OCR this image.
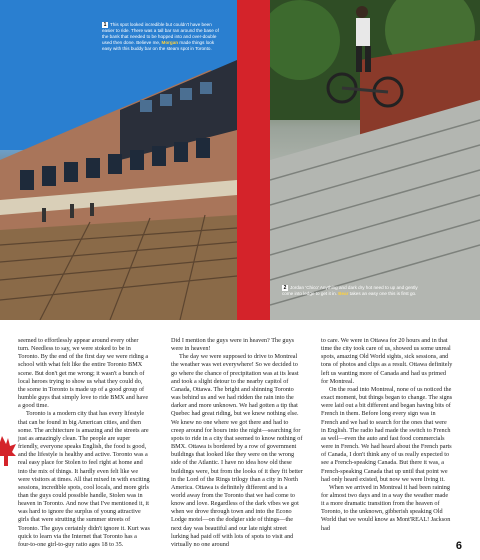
1 This spot looked incredible but couldn't have been easier to ride. There was a tall bar ran around the base of the bank that needed to be hopped into and over-double used then done. Believe me, Morgan made things look easy with this buddy bar on the steam spot in Toronto.
2 Jordan 'Chico' Anything and dark dry hot need to up and gently come into ledge to get it in. Bear takes an easy one this is first go.

seemed to effortlessly appear around every other turn. Needless to say, we were stoked to be in Toronto. By the end of the first day we were riding a school with what felt like the entire Toronto BMX scene. But don't get me wrong; it wasn't a bunch of local heroes trying to show us what they could do, the scene in Toronto is made up of a good group of humble guys that simply love to ride BMX and have a good time.

Toronto is a modern city that has every lifestyle that can be found in big American cities, and then some. The architecture is amazing and the streets are just as amazingly clean. The people are super friendly, everyone speaks English, the food is good, and the lifestyle is healthy and active. Toronto was a real easy place for Stolen to feel right at home and into the mix of things. It hardly even felt like we were visitors at times. All that mixed in with exciting sessions, incredible spots, cool locals, and more girls than the guys could possible handle, Stolen was in heaven in Toronto. And now that I've mentioned it, it was hard to ignore the surplus of young attractive girls that were strutting the summer streets of Toronto. The guys certainly didn't ignore it. Kurt was quick to learn via the Internet that Toronto has a four-to-one girl-to-guy ratio ages 18 to 35.

Did I mention the guys were in heaven? The guys were in heaven!

The day we were supposed to drive to Montreal the weather was wet everywhere! So we decided to go where the chance of precipitation was at its least and took a slight detour to the nearby capitol of Canada, Ottawa. The bright and shinning Toronto was behind us and we had ridden the rain into the darker and more unknown. We had gotten a tip that Quebec had great riding, but we knew nothing else. We knew no one where we got there and had to creep around for hours into the night—searching for spots to ride in a city that seemed to know nothing of BMX. Ottawa is bordered by a row of government buildings that looked like they were on the wrong side of the Atlantic. I have no idea how old these buildings were, but from the looks of it they fit better in the Lord of the Rings trilogy than a city in North America. Ottawa is definitely different and is a world away from the Toronto that we had come to know and love. Regardless of the dark vibes we got when we drove through town and into the Econo Lodge motel—on the dodgier side of things—the next day was beautiful and our late night street lurking had paid off with lots of spots to visit and virtually no one around

to care. We were in Ottawa for 20 hours and in that time the city took care of us, showed us some unreal spots, amazing Old World sights, sick sessions, and tons of photos and clips as a result. Ottawa definitely left us wanting more of Canada and had us primed for Montreal.

On the road into Montreal, none of us noticed the exact moment, but things began to change. The signs were laid out a bit different and began having bits of French in them. Before long every sign was in French and we had to search for the ones that were in English. The radio had made the switch to French as well—even the auto and fast food commercials were in French. We had heard about the French parts of Canada, I don't think any of us really expected to see a French-speaking Canada. But there it was, a French-speaking Canada that up until that point we had only heard existed, but now we were living it.

When we arrived in Montreal it had been raining for almost two days and in a way the weather made it a more dramatic transition from the heaven of Toronto, to the unknown, gibberish speaking Old World that we would know as Mont'REAL! Jackson had

6
